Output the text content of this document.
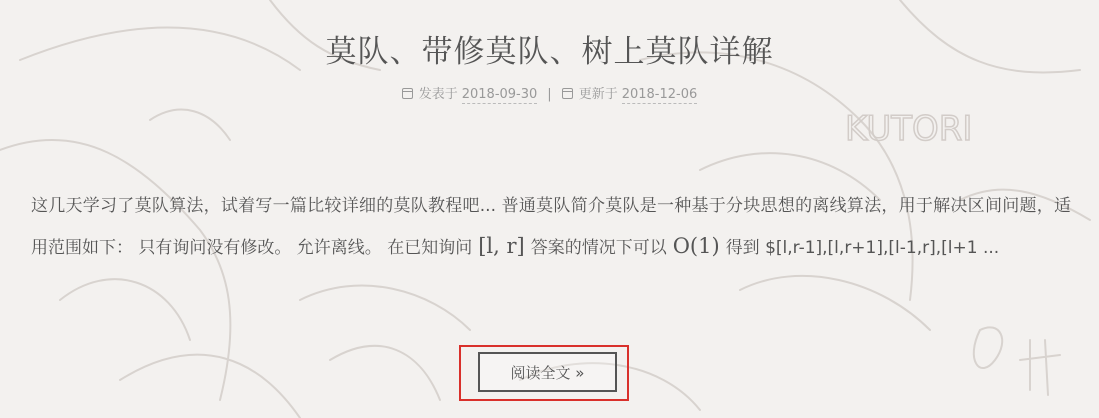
KUTORI
莫队、带修莫队、树上莫队详解
发表于 2018-09-30 | 更新于 2018-12-06

这几天学习了莫队算法，试着写一篇比较详细的莫队教程吧... 普通莫队简介莫队是一种基于分块思想的离线算法，用于解决区间问题，适用范围如下： 只有询问没有修改。 允许离线。 在已知询问 [l, r] 答案的情况下可以 O(1) 得到 $[l,r-1],[l,r+1],[l-1,r],[l+1 ...

阅读全文 »
